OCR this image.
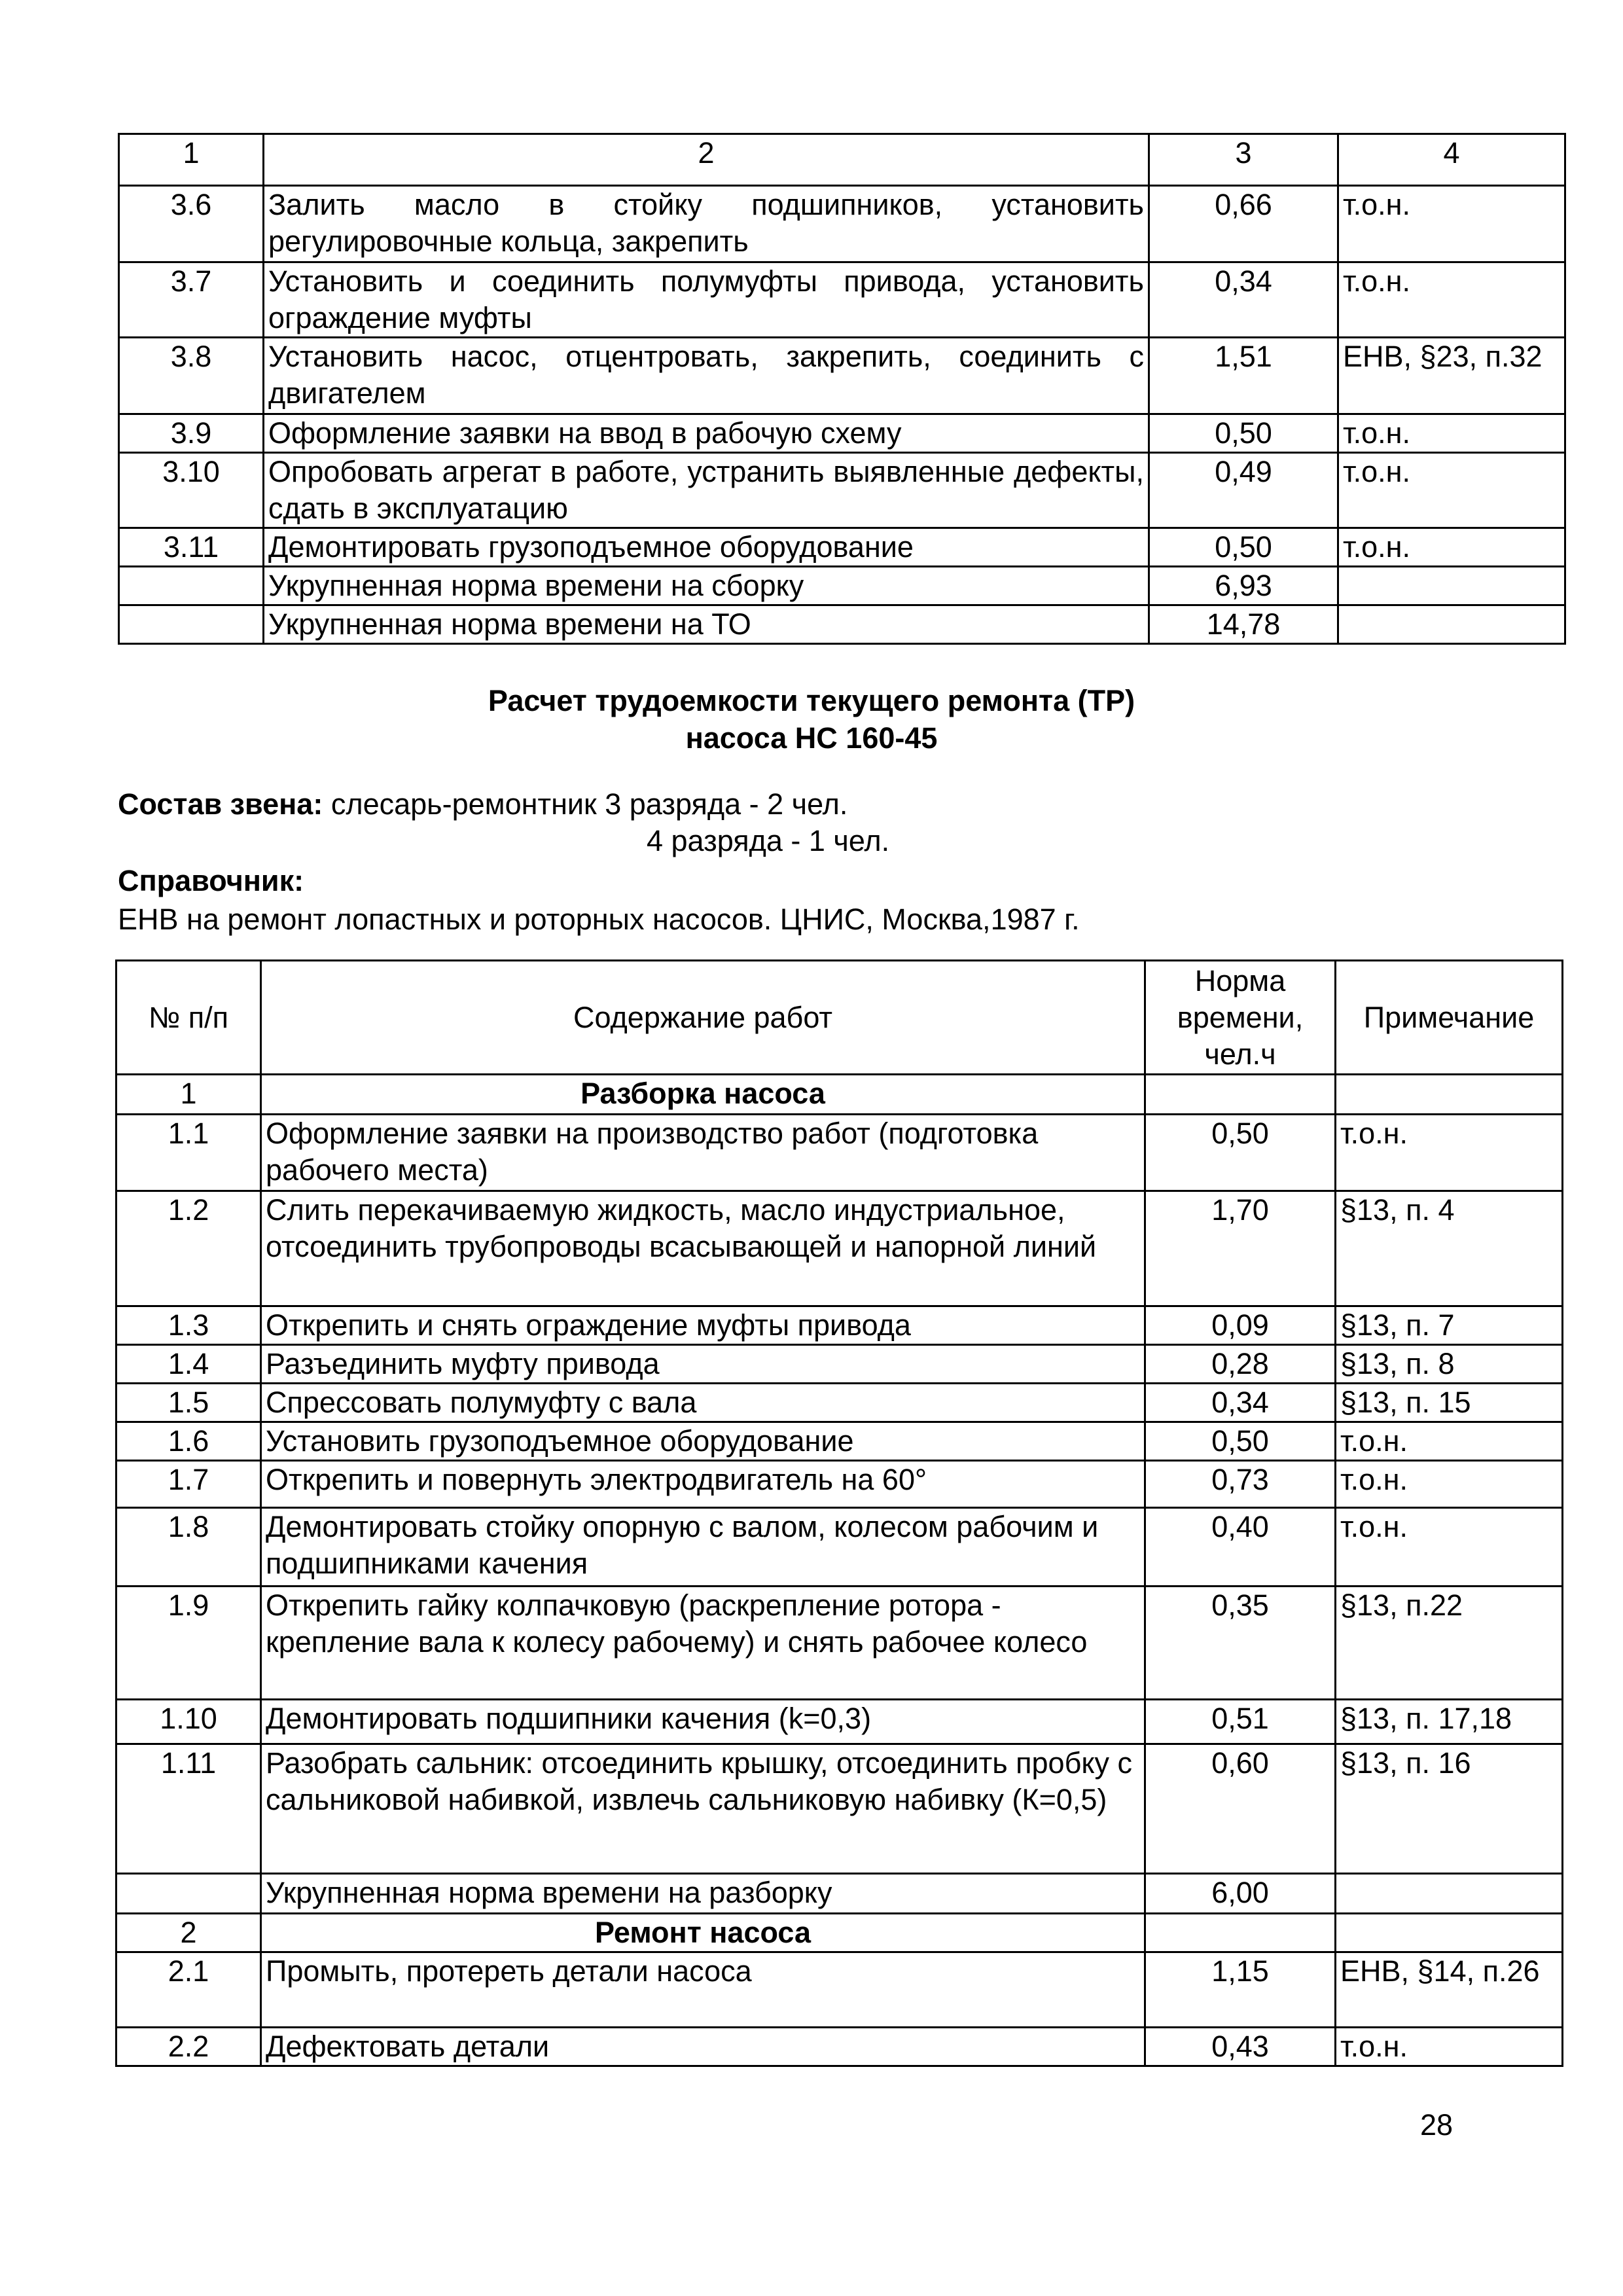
1	2	3	4
3.6	Залить масло в стойку подшипников, установить регулировочные кольца, закрепить	0,66	т.о.н.
3.7	Установить и соединить полумуфты привода, установить ограждение муфты	0,34	т.о.н.
3.8	Установить насос, отцентровать, закрепить, соединить с двигателем	1,51	ЕНВ, §23, п.32
3.9	Оформление заявки на ввод в рабочую схему	0,50	т.о.н.
3.10	Опробовать агрегат в работе, устранить выявленные дефекты, сдать в эксплуатацию	0,49	т.о.н.
3.11	Демонтировать грузоподъемное оборудование	0,50	т.о.н.
	Укрупненная норма времени на сборку	6,93	
	Укрупненная норма времени на ТО	14,78	
Расчет трудоемкости текущего ремонта (ТР)
насоса НС 160-45
Состав звена: слесарь-ремонтник 3 разряда - 2 чел.
4 разряда - 1 чел.
Справочник:
ЕНВ на ремонт лопастных и роторных насосов. ЦНИС, Москва,1987 г.
№ п/п	Содержание работ	Норма времени, чел.ч	Примечание
1	Разборка насоса		
1.1	Оформление заявки на производство работ (подготовка рабочего места)	0,50	т.о.н.
1.2	Слить перекачиваемую жидкость, масло индустриальное, отсоединить трубопроводы всасывающей и напорной линий	1,70	§13, п. 4
1.3	Открепить и снять ограждение муфты привода	0,09	§13, п. 7
1.4	Разъединить муфту привода	0,28	§13, п. 8
1.5	Спрессовать полумуфту с вала	0,34	§13, п. 15
1.6	Установить грузоподъемное оборудование	0,50	т.о.н.
1.7	Открепить и повернуть электродвигатель на 60°	0,73	т.о.н.
1.8	Демонтировать стойку опорную с валом, колесом рабочим и подшипниками качения	0,40	т.о.н.
1.9	Открепить гайку колпачковую (раскрепление ротора - крепление вала к колесу рабочему) и снять рабочее колесо	0,35	§13, п.22
1.10	Демонтировать подшипники качения (k=0,3)	0,51	§13, п. 17,18
1.11	Разобрать сальник: отсоединить крышку, отсоединить пробку с сальниковой набивкой, извлечь сальниковую набивку (К=0,5)	0,60	§13, п. 16
	Укрупненная норма времени на разборку	6,00	
2	Ремонт насоса		
2.1	Промыть, протереть детали насоса	1,15	ЕНВ, §14, п.26
2.2	Дефектовать детали	0,43	т.о.н.
28
